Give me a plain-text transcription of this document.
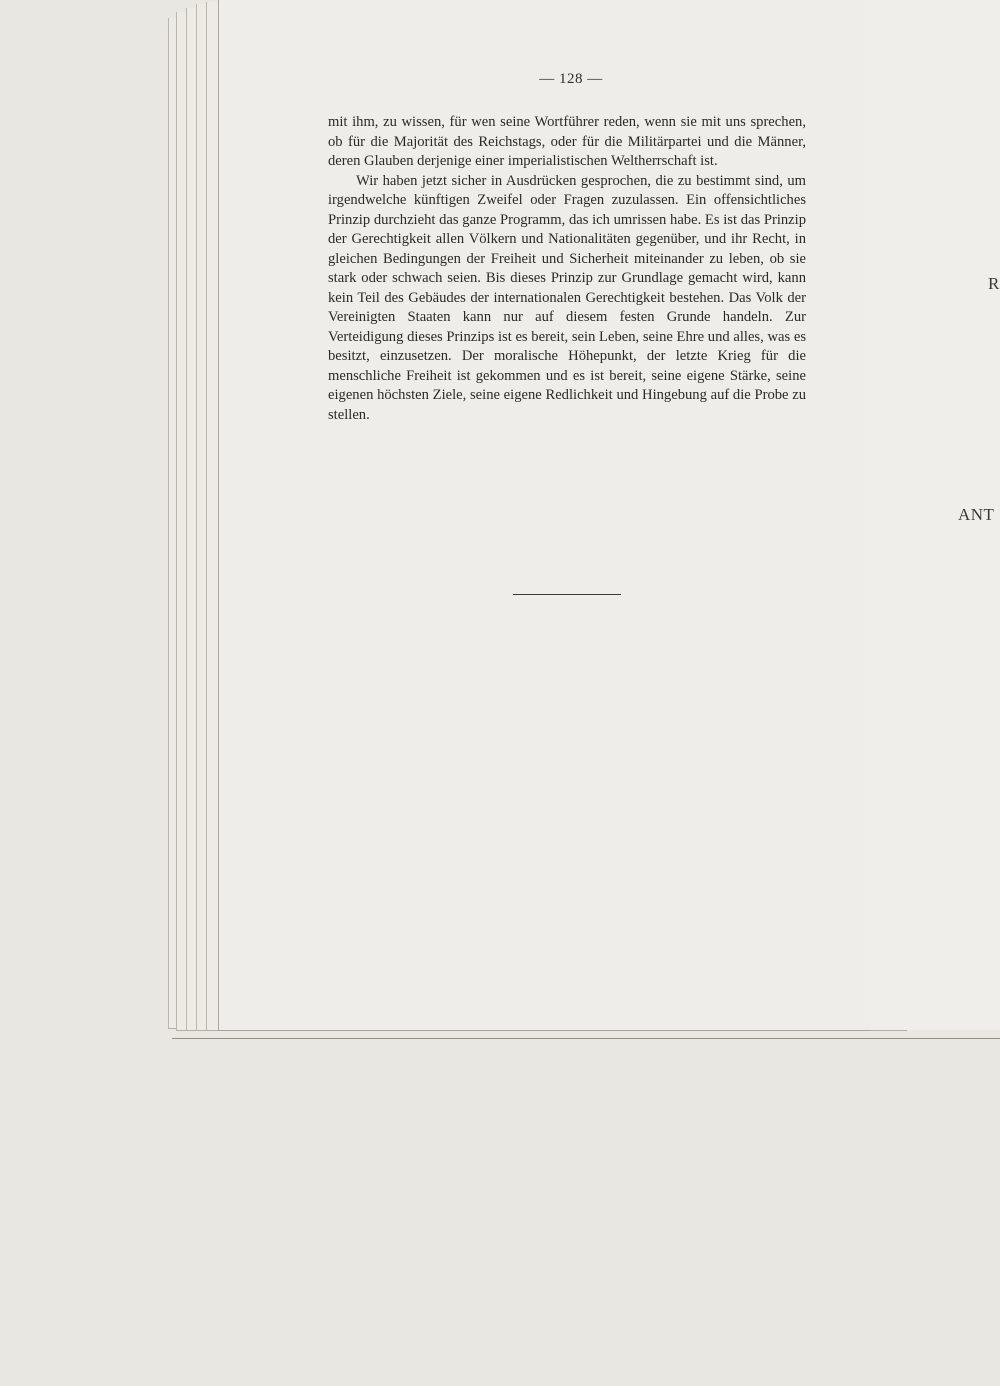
R
ANT
— 128 —

mit ihm, zu wissen, für wen seine Wortführer reden, wenn sie mit uns sprechen, ob für die Majorität des Reichstags, oder für die Militärpartei und die Männer, deren Glauben derjenige einer imperialistischen Weltherrschaft ist.

Wir haben jetzt sicher in Ausdrücken gesprochen, die zu bestimmt sind, um irgendwelche künftigen Zweifel oder Fragen zuzulassen. Ein offensichtliches Prinzip durchzieht das ganze Programm, das ich umrissen habe. Es ist das Prinzip der Gerechtigkeit allen Völkern und Nationalitäten gegenüber, und ihr Recht, in gleichen Bedingungen der Freiheit und Sicherheit miteinander zu leben, ob sie stark oder schwach seien. Bis dieses Prinzip zur Grundlage gemacht wird, kann kein Teil des Gebäudes der internationalen Gerechtigkeit bestehen. Das Volk der Vereinigten Staaten kann nur auf diesem festen Grunde handeln. Zur Verteidigung dieses Prinzips ist es bereit, sein Leben, seine Ehre und alles, was es besitzt, einzusetzen. Der moralische Höhepunkt, der letzte Krieg für die menschliche Freiheit ist gekommen und es ist bereit, seine eigene Stärke, seine eigenen höchsten Ziele, seine eigene Redlichkeit und Hingebung auf die Probe zu stellen.
